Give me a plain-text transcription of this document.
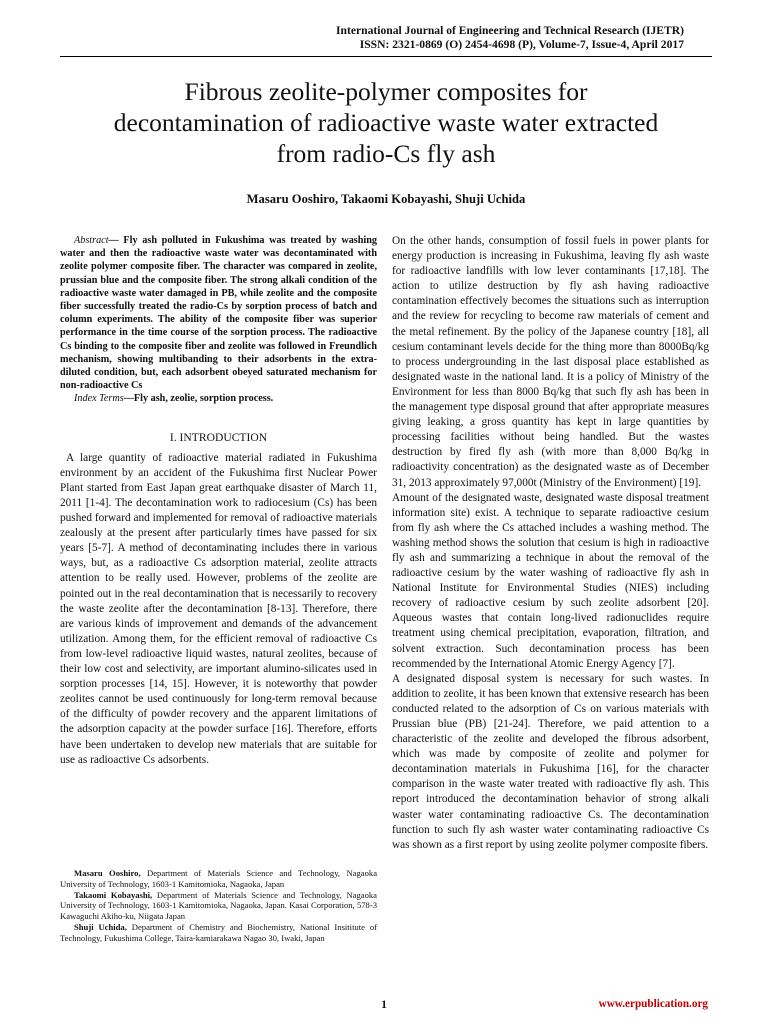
International Journal of Engineering and Technical Research (IJETR)
ISSN: 2321-0869 (O) 2454-4698 (P), Volume-7, Issue-4, April 2017
Fibrous zeolite-polymer composites for
decontamination of radioactive waste water extracted
from radio-Cs fly ash
Masaru Ooshiro, Takaomi Kobayashi, Shuji Uchida

Abstract— Fly ash polluted in Fukushima was treated by washing water and then the radioactive waste water was decontaminated with zeolite polymer composite fiber. The character was compared in zeolite, prussian blue and the composite fiber. The strong alkali condition of the radioactive waste water damaged in PB, while zeolite and the composite fiber successfully treated the radio-Cs by sorption process of batch and column experiments. The ability of the composite fiber was superior performance in the time course of the sorption process. The radioactive Cs binding to the composite fiber and zeolite was followed in Freundlich mechanism, showing multibanding to their adsorbents in the extra-diluted condition, but, each adsorbent obeyed saturated mechanism for non-radioactive Cs

Index Terms—Fly ash, zeolie, sorption process.

I. INTRODUCTION

A large quantity of radioactive material radiated in Fukushima environment by an accident of the Fukushima first Nuclear Power Plant started from East Japan great earthquake disaster of March 11, 2011 [1-4]. The decontamination work to radiocesium (Cs) has been pushed forward and implemented for removal of radioactive materials zealously at the present after particularly times have passed for six years [5-7]. A method of decontaminating includes there in various ways, but, as a radioactive Cs adsorption material, zeolite attracts attention to be really used. However, problems of the zeolite are pointed out in the real decontamination that is necessarily to recovery the waste zeolite after the decontamination [8-13]. Therefore, there are various kinds of improvement and demands of the advancement utilization. Among them, for the efficient removal of radioactive Cs from low-level radioactive liquid wastes, natural zeolites, because of their low cost and selectivity, are important alumino-silicates used in sorption processes [14, 15]. However, it is noteworthy that powder zeolites cannot be used continuously for long-term removal because of the difficulty of powder recovery and the apparent limitations of the adsorption capacity at the powder surface [16]. Therefore, efforts have been undertaken to develop new materials that are suitable for use as radioactive Cs adsorbents.

Masaru Ooshiro, Department of Materials Science and Technology, Nagaoka University of Technology, 1603-1 Kamitomioka, Nagaoka, Japan

Takaomi Kobayashi, Department of Materials Science and Technology, Nagaoka University of Technology, 1603-1 Kamitomioka, Nagaoka, Japan. Kasai Corporation, 578-3 Kawaguchi Akiho-ku, Niigata Japan

Shuji Uchida, Department of Chemistry and Biochemistry, National Insititute of Technology, Fukushima College, Taira-kamiarakawa Nagao 30, Iwaki, Japan

On the other hands, consumption of fossil fuels in power plants for energy production is increasing in Fukushima, leaving fly ash waste for radioactive landfills with low lever contaminants [17,18]. The action to utilize destruction by fly ash having radioactive contamination effectively becomes the situations such as interruption and the review for recycling to become raw materials of cement and the metal refinement. By the policy of the Japanese country [18], all cesium contaminant levels decide for the thing more than 8000Bq/kg to process undergrounding in the last disposal place established as designated waste in the national land. It is a policy of Ministry of the Environment for less than 8000 Bq/kg that such fly ash has been in the management type disposal ground that after appropriate measures giving leaking, a gross quantity has kept in large quantities by processing facilities without being handled. But the wastes destruction by fired fly ash (with more than 8,000 Bq/kg in radioactivity concentration) as the designated waste as of December 31, 2013 approximately 97,000t (Ministry of the Environment) [19].

Amount of the designated waste, designated waste disposal treatment information site) exist. A technique to separate radioactive cesium from fly ash where the Cs attached includes a washing method. The washing method shows the solution that cesium is high in radioactive fly ash and summarizing a technique in about the removal of the radioactive cesium by the water washing of radioactive fly ash in National Institute for Environmental Studies (NIES) including recovery of radioactive cesium by such zeolite adsorbent [20]. Aqueous wastes that contain long-lived radionuclides require treatment using chemical precipitation, evaporation, filtration, and solvent extraction. Such decontamination process has been recommended by the International Atomic Energy Agency [7].

A designated disposal system is necessary for such wastes. In addition to zeolite, it has been known that extensive research has been conducted related to the adsorption of Cs on various materials with Prussian blue (PB) [21-24]. Therefore, we paid attention to a characteristic of the zeolite and developed the fibrous adsorbent, which was made by composite of zeolite and polymer for decontamination materials in Fukushima [16], for the character comparison in the waste water treated with radioactive fly ash. This report introduced the decontamination behavior of strong alkali waster water contaminating radioactive Cs. The decontamination function to such fly ash waster water contaminating radioactive Cs was shown as a first report by using zeolite polymer composite fibers.

1	www.erpublication.org
